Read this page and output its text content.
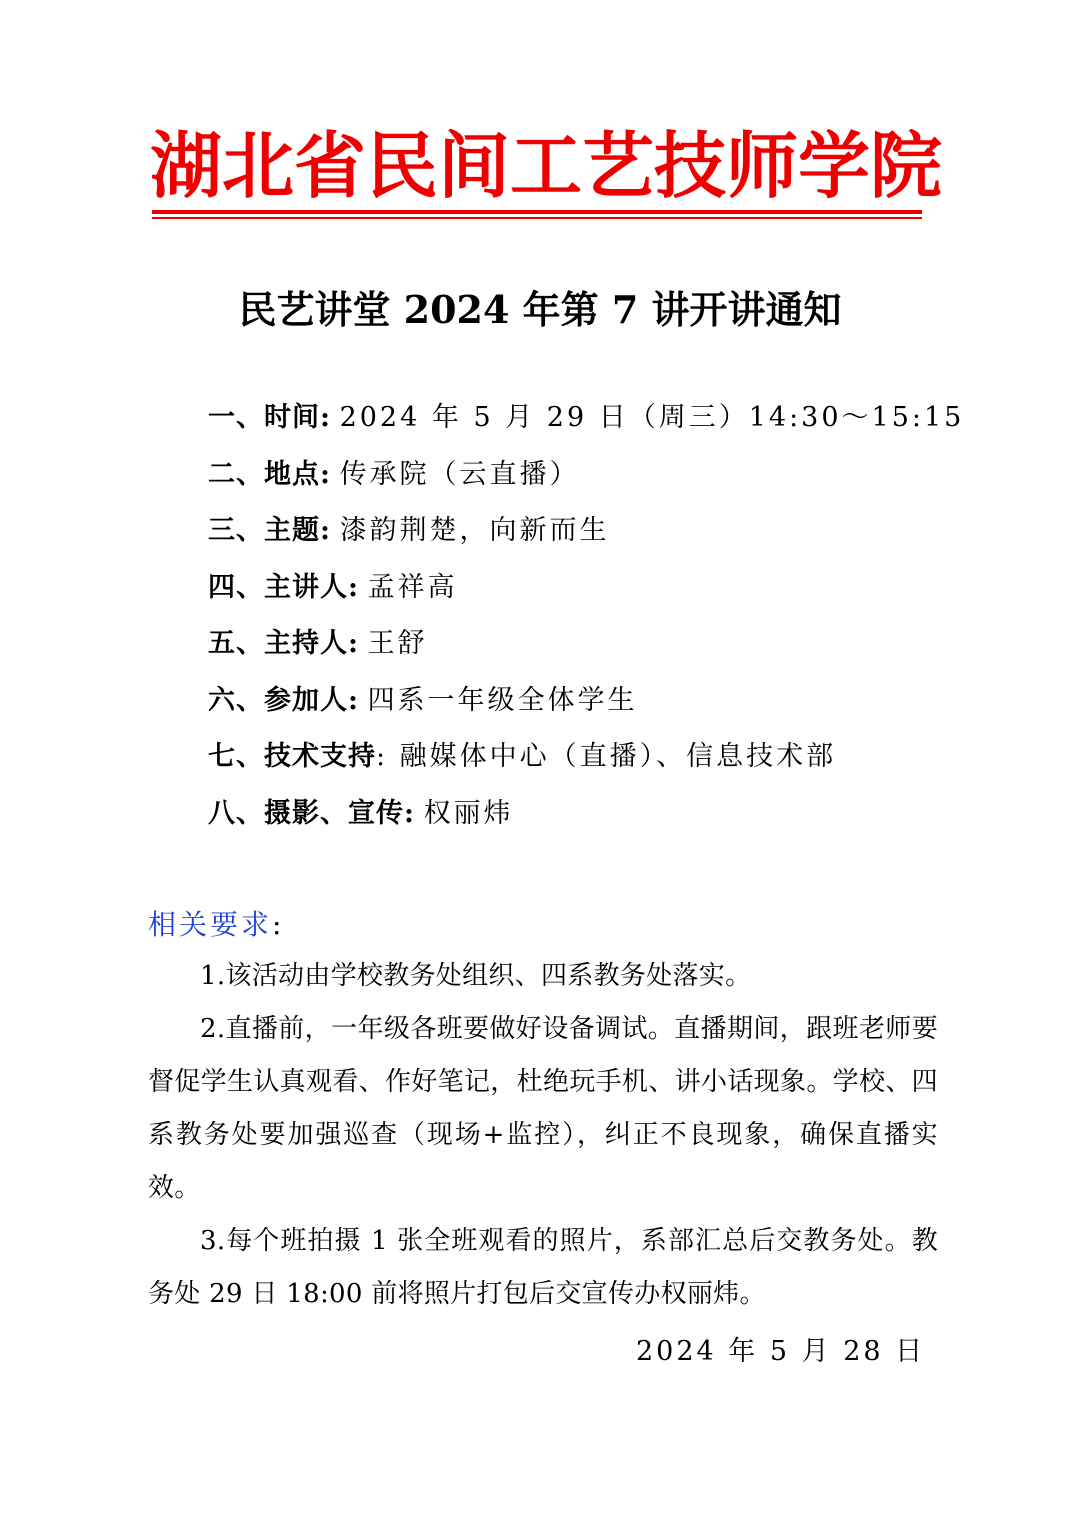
湖北省民间工艺技师学院
民艺讲堂 2024 年第 7 讲开讲通知
一、时间: 2024 年 5 月 29 日（周三）14:30～15:15
二、地点: 传承院（云直播）
三、主题: 漆韵荆楚，向新而生
四、主讲人: 孟祥高
五、主持人: 王舒
六、参加人: 四系一年级全体学生
七、技术支持: 融媒体中心（直播）、信息技术部
八、摄影、宣传: 权丽炜
相关要求:

1.该活动由学校教务处组织、四系教务处落实。

2.直播前，一年级各班要做好设备调试。直播期间，跟班老师要督促学生认真观看、作好笔记，杜绝玩手机、讲小话现象。学校、四系教务处要加强巡查（现场+监控），纠正不良现象，确保直播实效。

3.每个班拍摄 1 张全班观看的照片，系部汇总后交教务处。教务处 29 日 18:00 前将照片打包后交宣传办权丽炜。

2024 年 5 月 28 日
